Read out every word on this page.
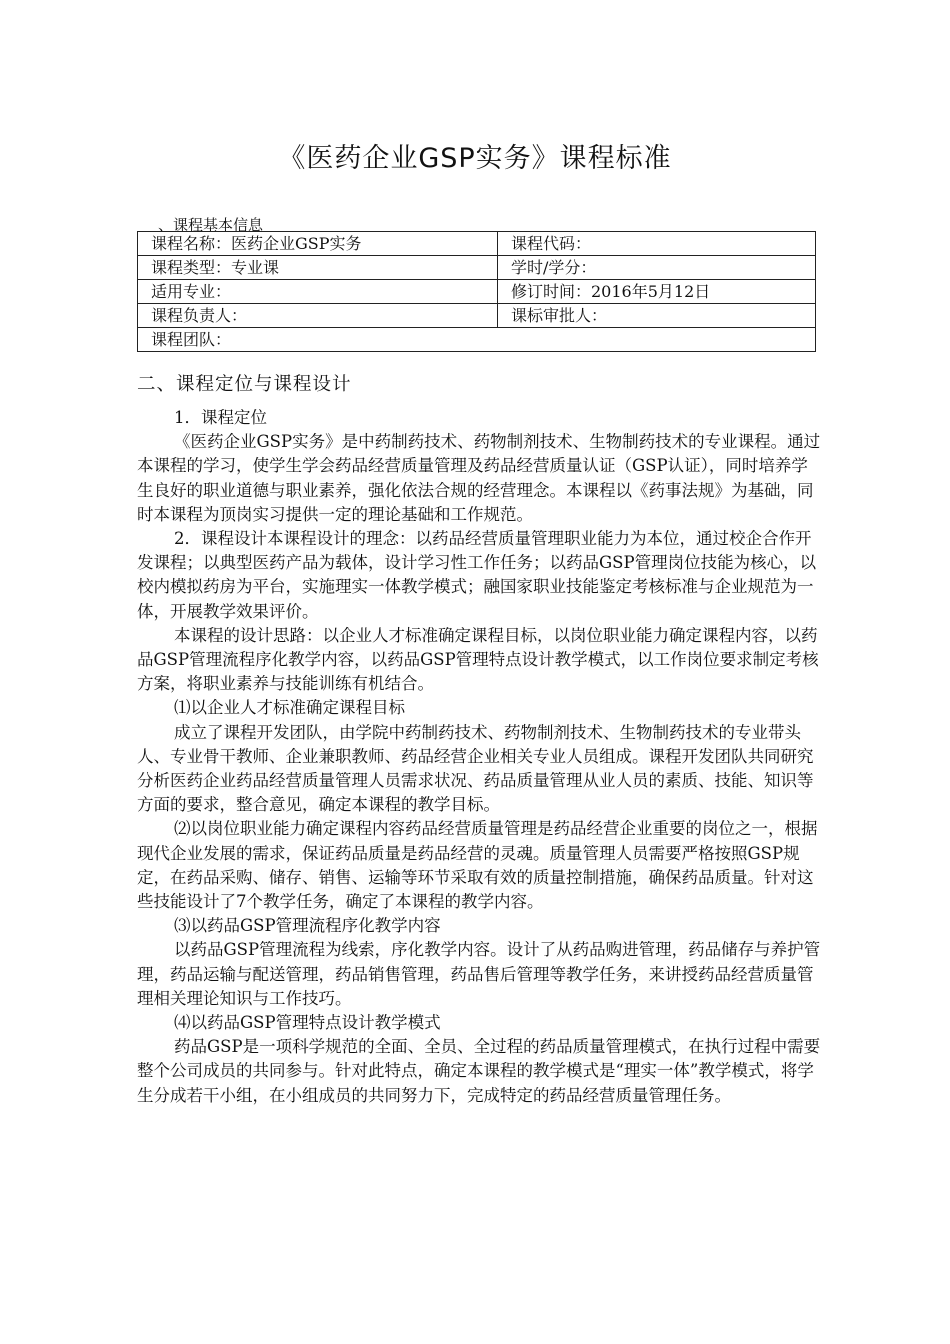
《医药企业GSP实务》课程标准
、课程基本信息
课程名称：医药企业GSP实务	课程代码：
课程类型：专业课	学时/学分：
适用专业：	修订时间：2016年5月12日
课程负责人：	课标审批人：
课程团队：	
二、课程定位与课程设计

1．课程定位

《医药企业GSP实务》是中药制药技术、药物制剂技术、生物制药技术的专业课程。通过本课程的学习，使学生学会药品经营质量管理及药品经营质量认证（GSP认证），同时培养学生良好的职业道德与职业素养，强化依法合规的经营理念。本课程以《药事法规》为基础，同时本课程为顶岗实习提供一定的理论基础和工作规范。

2．课程设计本课程设计的理念：以药品经营质量管理职业能力为本位，通过校企合作开发课程；以典型医药产品为载体，设计学习性工作任务；以药品GSP管理岗位技能为核心，以校内模拟药房为平台，实施理实一体教学模式；融国家职业技能鉴定考核标准与企业规范为一体，开展教学效果评价。

本课程的设计思路：以企业人才标准确定课程目标，以岗位职业能力确定课程内容，以药品GSP管理流程序化教学内容，以药品GSP管理特点设计教学模式，以工作岗位要求制定考核方案，将职业素养与技能训练有机结合。

⑴以企业人才标准确定课程目标

成立了课程开发团队，由学院中药制药技术、药物制剂技术、生物制药技术的专业带头人、专业骨干教师、企业兼职教师、药品经营企业相关专业人员组成。课程开发团队共同研究分析医药企业药品经营质量管理人员需求状况、药品质量管理从业人员的素质、技能、知识等方面的要求，整合意见，确定本课程的教学目标。

⑵以岗位职业能力确定课程内容药品经营质量管理是药品经营企业重要的岗位之一，根据现代企业发展的需求，保证药品质量是药品经营的灵魂。质量管理人员需要严格按照GSP规定，在药品采购、储存、销售、运输等环节采取有效的质量控制措施，确保药品质量。针对这些技能设计了7个教学任务，确定了本课程的教学内容。

⑶以药品GSP管理流程序化教学内容

以药品GSP管理流程为线索，序化教学内容。设计了从药品购进管理，药品储存与养护管理，药品运输与配送管理，药品销售管理，药品售后管理等教学任务，来讲授药品经营质量管理相关理论知识与工作技巧。

⑷以药品GSP管理特点设计教学模式

药品GSP是一项科学规范的全面、全员、全过程的药品质量管理模式，在执行过程中需要整个公司成员的共同参与。针对此特点，确定本课程的教学模式是“理实一体”教学模式，将学生分成若干小组，在小组成员的共同努力下，完成特定的药品经营质量管理任务。
